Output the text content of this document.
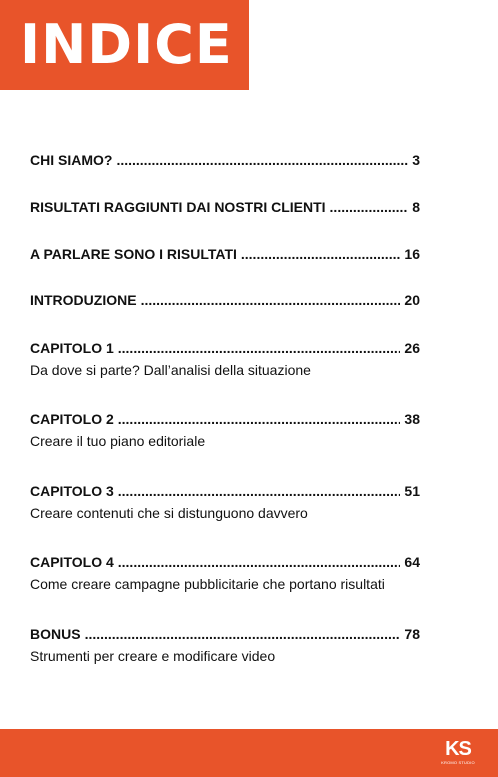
INDICE
CHI SIAMO? .....	3
RISULTATI RAGGIUNTI DAI NOSTRI CLIENTI .....	8
A PARLARE SONO I RISULTATI .....	16
INTRODUZIONE .....	20
CAPITOLO 1 .....	26
Da dove si parte? Dall’analisi della situazione
CAPITOLO 2 .....	38
Creare il tuo piano editoriale
CAPITOLO 3 .....	51
Creare contenuti che si distunguono davvero
CAPITOLO 4 .....	64
Come creare campagne pubblicitarie che portano risultati
BONUS .....	78
Strumenti per creare e modificare video
KS
KROMO STUDIO
